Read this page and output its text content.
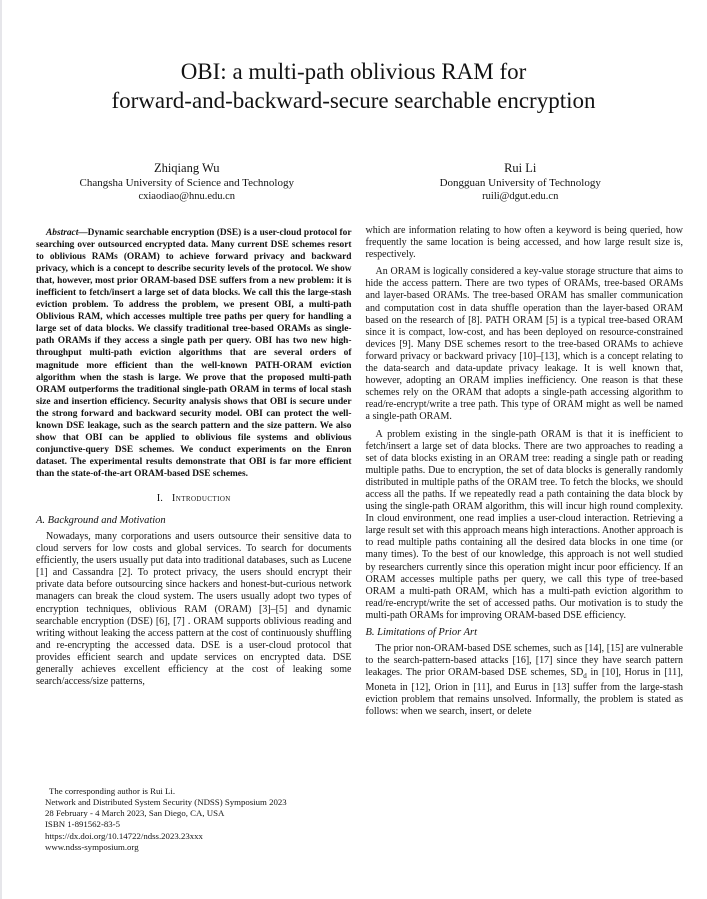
OBI: a multi-path oblivious RAM for
forward-and-backward-secure searchable encryption
Zhiqiang Wu
Changsha University of Science and Technology
cxiaodiao@hnu.edu.cn
Rui Li
Dongguan University of Technology
ruili@dgut.edu.cn

Abstract—Dynamic searchable encryption (DSE) is a user-cloud protocol for searching over outsourced encrypted data. Many current DSE schemes resort to oblivious RAMs (ORAM) to achieve forward privacy and backward privacy, which is a concept to describe security levels of the protocol. We show that, however, most prior ORAM-based DSE suffers from a new problem: it is inefficient to fetch/insert a large set of data blocks. We call this the large-stash eviction problem. To address the problem, we present OBI, a multi-path Oblivious RAM, which accesses multiple tree paths per query for handling a large set of data blocks. We classify traditional tree-based ORAMs as single-path ORAMs if they access a single path per query. OBI has two new high-throughput multi-path eviction algorithms that are several orders of magnitude more efficient than the well-known PATH-ORAM eviction algorithm when the stash is large. We prove that the proposed multi-path ORAM outperforms the traditional single-path ORAM in terms of local stash size and insertion efficiency. Security analysis shows that OBI is secure under the strong forward and backward security model. OBI can protect the well-known DSE leakage, such as the search pattern and the size pattern. We also show that OBI can be applied to oblivious file systems and oblivious conjunctive-query DSE schemes. We conduct experiments on the Enron dataset. The experimental results demonstrate that OBI is far more efficient than the state-of-the-art ORAM-based DSE schemes.

I. Introduction
A. Background and Motivation

Nowadays, many corporations and users outsource their sensitive data to cloud servers for low costs and global services. To search for documents efficiently, the users usually put data into traditional databases, such as Lucene [1] and Cassandra [2]. To protect privacy, the users should encrypt their private data before outsourcing since hackers and honest-but-curious network managers can break the cloud system. The users usually adopt two types of encryption techniques, oblivious RAM (ORAM) [3]–[5] and dynamic searchable encryption (DSE) [6], [7] . ORAM supports oblivious reading and writing without leaking the access pattern at the cost of continuously shuffling and re-encrypting the accessed data. DSE is a user-cloud protocol that provides efficient search and update services on encrypted data. DSE generally achieves excellent efficiency at the cost of leaking some search/access/size patterns,

The corresponding author is Rui Li.
Network and Distributed System Security (NDSS) Symposium 2023
28 February - 4 March 2023, San Diego, CA, USA
ISBN 1-891562-83-5
https://dx.doi.org/10.14722/ndss.2023.23xxx
www.ndss-symposium.org

which are information relating to how often a keyword is being queried, how frequently the same location is being accessed, and how large result size is, respectively.

An ORAM is logically considered a key-value storage structure that aims to hide the access pattern. There are two types of ORAMs, tree-based ORAMs and layer-based ORAMs. The tree-based ORAM has smaller communication and computation cost in data shuffle operation than the layer-based ORAM based on the research of [8]. PATH ORAM [5] is a typical tree-based ORAM since it is compact, low-cost, and has been deployed on resource-constrained devices [9]. Many DSE schemes resort to the tree-based ORAMs to achieve forward privacy or backward privacy [10]–[13], which is a concept relating to the data-search and data-update privacy leakage. It is well known that, however, adopting an ORAM implies inefficiency. One reason is that these schemes rely on the ORAM that adopts a single-path accessing algorithm to read/re-encrypt/write a tree path. This type of ORAM might as well be named a single-path ORAM.

A problem existing in the single-path ORAM is that it is inefficient to fetch/insert a large set of data blocks. There are two approaches to reading a set of data blocks existing in an ORAM tree: reading a single path or reading multiple paths. Due to encryption, the set of data blocks is generally randomly distributed in multiple paths of the ORAM tree. To fetch the blocks, we should access all the paths. If we repeatedly read a path containing the data block by using the single-path ORAM algorithm, this will incur high round complexity. In cloud environment, one read implies a user-cloud interaction. Retrieving a large result set with this approach means high interactions. Another approach is to read multiple paths containing all the desired data blocks in one time (or many times). To the best of our knowledge, this approach is not well studied by researchers currently since this operation might incur poor efficiency. If an ORAM accesses multiple paths per query, we call this type of tree-based ORAM a multi-path ORAM, which has a multi-path eviction algorithm to read/re-encrypt/write the set of accessed paths. Our motivation is to study the multi-path ORAMs for improving ORAM-based DSE efficiency.

B. Limitations of Prior Art

The prior non-ORAM-based DSE schemes, such as [14], [15] are vulnerable to the search-pattern-based attacks [16], [17] since they have search pattern leakages. The prior ORAM-based DSE schemes, $SD_d$ in [10], Horus in [11], Moneta in [12], Orion in [11], and Eurus in [13] suffer from the large-stash eviction problem that remains unsolved. Informally, the problem is stated as follows: when we search, insert, or delete
